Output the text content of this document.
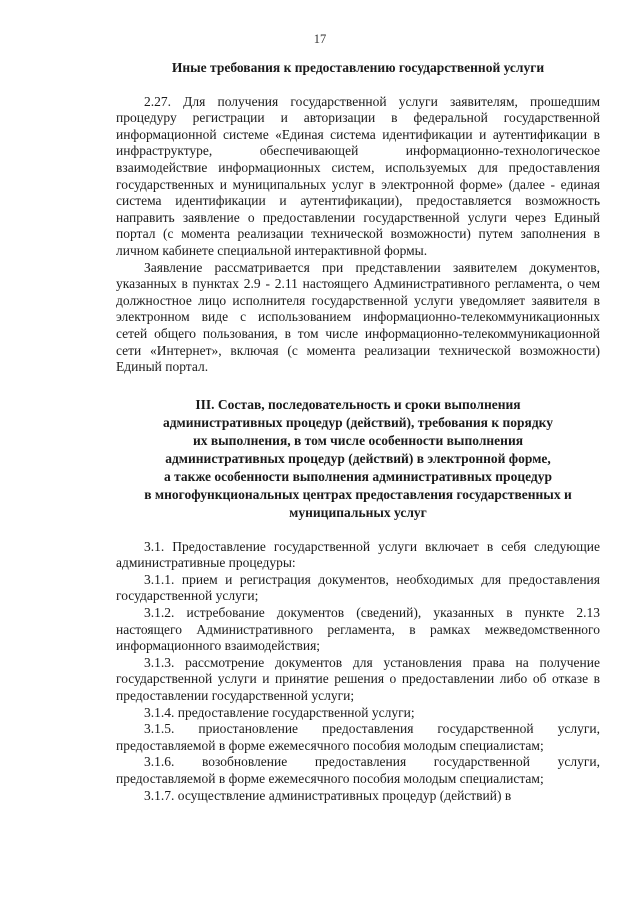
17
Иные требования к предоставлению государственной услуги

2.27. Для получения государственной услуги заявителям, прошедшим процедуру регистрации и авторизации в федеральной государственной информационной системе «Единая система идентификации и аутентификации в инфраструктуре, обеспечивающей информационно-технологическое взаимодействие информационных систем, используемых для предоставления государственных и муниципальных услуг в электронной форме» (далее - единая система идентификации и аутентификации), предоставляется возможность направить заявление о предоставлении государственной услуги через Единый портал (с момента реализации технической возможности) путем заполнения в личном кабинете специальной интерактивной формы.

Заявление рассматривается при представлении заявителем документов, указанных в пунктах 2.9 - 2.11 настоящего Административного регламента, о чем должностное лицо исполнителя государственной услуги уведомляет заявителя в электронном виде с использованием информационно-телекоммуникационных сетей общего пользования, в том числе информационно-телекоммуникационной сети «Интернет», включая (с момента реализации технической возможности) Единый портал.

III. Состав, последовательность и сроки выполнения
административных процедур (действий), требования к порядку
их выполнения, в том числе особенности выполнения
административных процедур (действий) в электронной форме,
а также особенности выполнения административных процедур
в многофункциональных центрах предоставления государственных и
муниципальных услуг

3.1. Предоставление государственной услуги включает в себя следующие административные процедуры:

3.1.1. прием и регистрация документов, необходимых для предоставления государственной услуги;

3.1.2. истребование документов (сведений), указанных в пункте 2.13 настоящего Административного регламента, в рамках межведомственного информационного взаимодействия;

3.1.3. рассмотрение документов для установления права на получение государственной услуги и принятие решения о предоставлении либо об отказе в предоставлении государственной услуги;

3.1.4. предоставление государственной услуги;

3.1.5. приостановление предоставления государственной услуги, предоставляемой в форме ежемесячного пособия молодым специалистам;

3.1.6. возобновление предоставления государственной услуги, предоставляемой в форме ежемесячного пособия молодым специалистам;

3.1.7. осуществление административных процедур (действий) в
